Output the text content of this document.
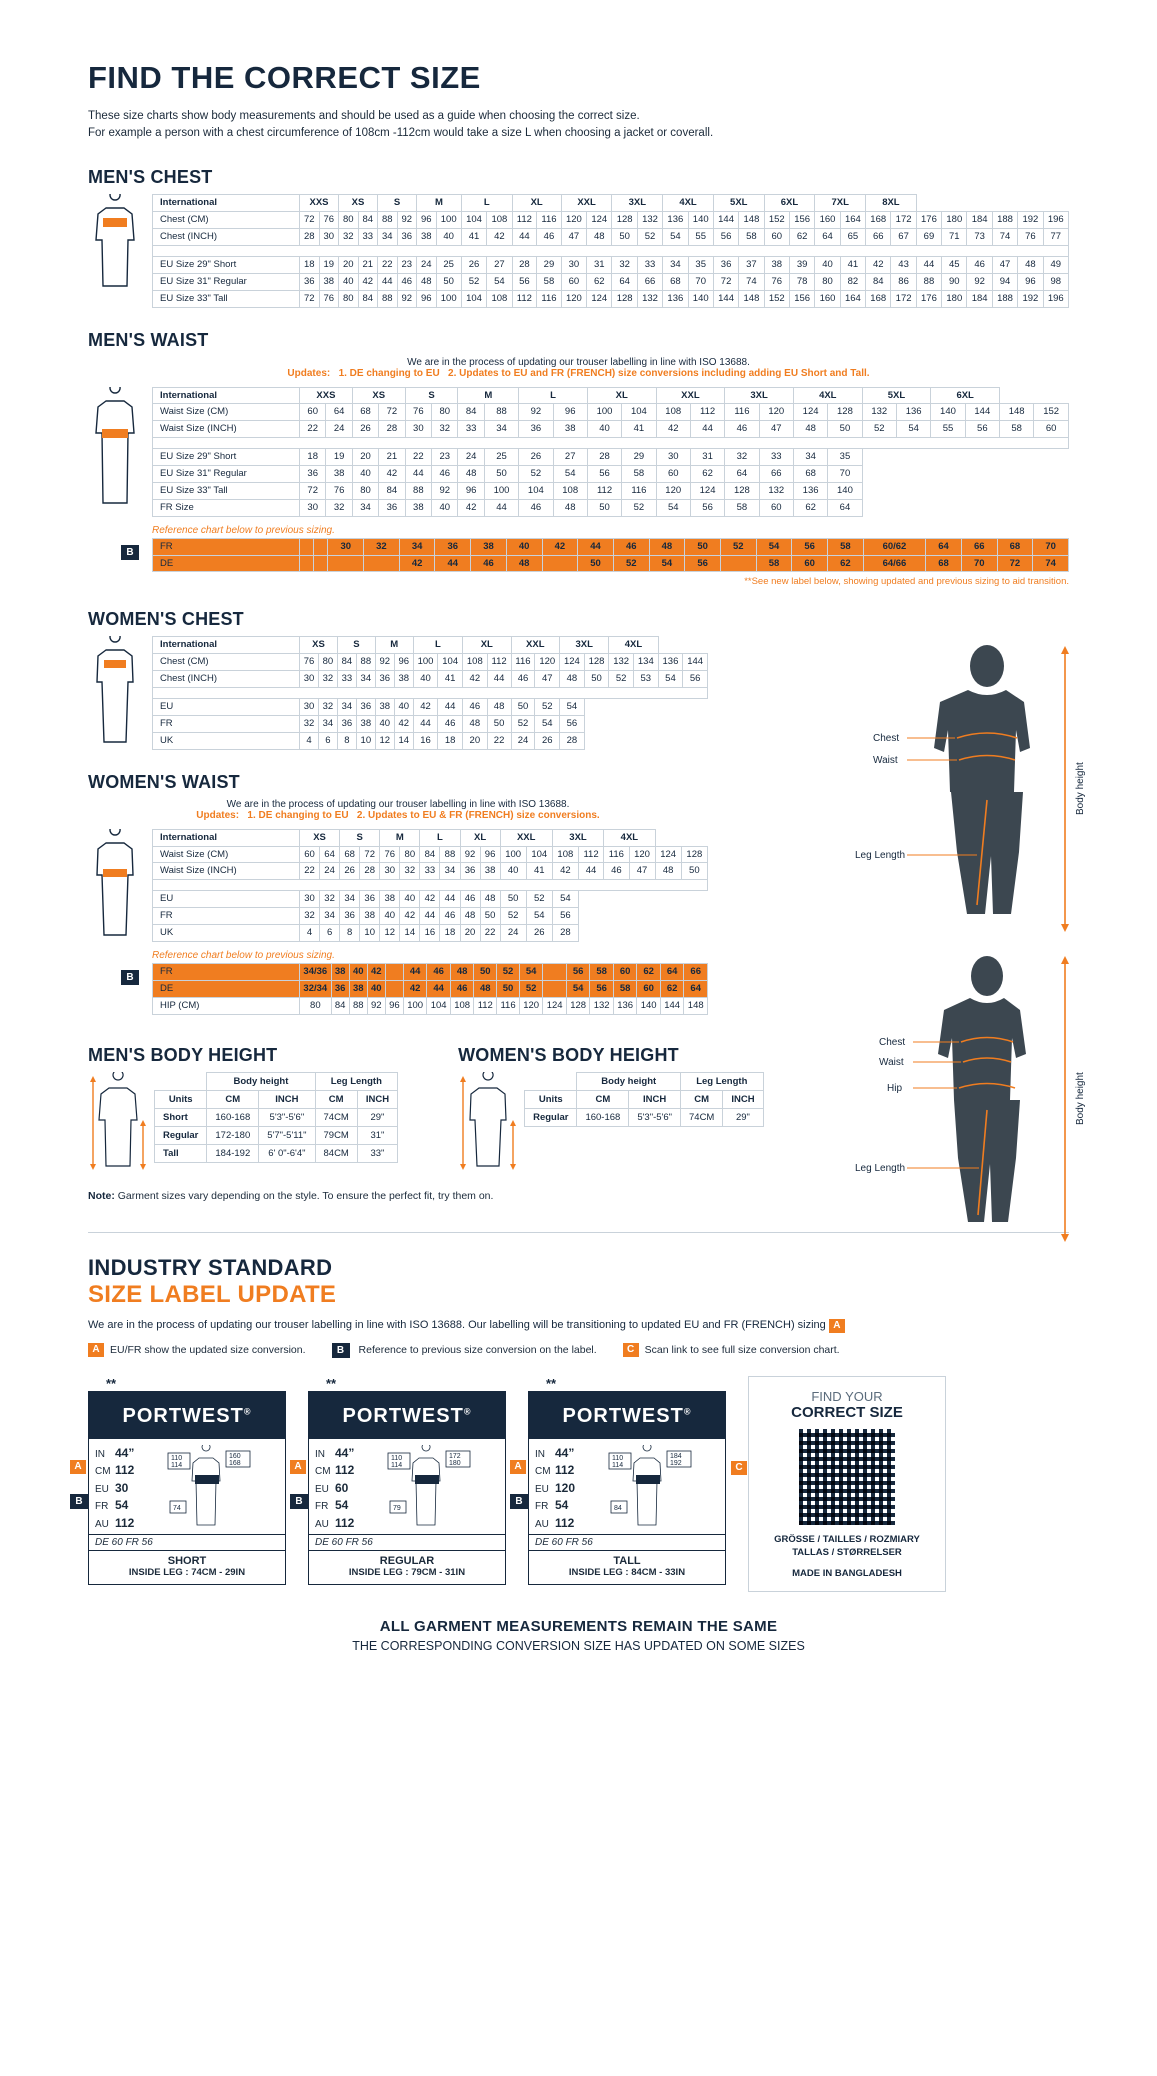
FIND THE CORRECT SIZE
These size charts show body measurements and should be used as a guide when choosing the correct size.
For example a person with a chest circumference of 108cm -112cm would take a size L when choosing a jacket or coverall.
MEN'S CHEST
International	XXS		XS		S		M		L		XL		XXL		3XL		4XL		5XL		6XL		7XL		8XL							
Chest (CM)	72	76	80	84	88	92	96	100	104	108	112	116	120	124	128	132	136	140	144	148	152	156	160	164	168	172	176	180	184	188	192	196
Chest (INCH)	28	30	32	33	34	36	38	40	41	42	44	46	47	48	50	52	54	55	56	58	60	62	64	65	66	67	69	71	73	74	76	77

EU Size 29" Short	18	19	20	21	22	23	24	25	26	27	28	29	30	31	32	33	34	35	36	37	38	39	40	41	42	43	44	45	46	47	48	49
EU Size 31" Regular	36	38	40	42	44	46	48	50	52	54	56	58	60	62	64	66	68	70	72	74	76	78	80	82	84	86	88	90	92	94	96	98
EU Size 33" Tall	72	76	80	84	88	92	96	100	104	108	112	116	120	124	128	132	136	140	144	148	152	156	160	164	168	172	176	180	184	188	192	196
MEN'S WAIST
We are in the process of updating our trouser labelling in line with ISO 13688.
Updates: 1. DE changing to EU 2. Updates to EU and FR (FRENCH) size conversions including adding EU Short and Tall.
International	XXS		XS		S		M		L		XL		XXL		3XL		4XL		5XL		6XL			
Waist Size (CM)	60	64	68	72	76	80	84	88	92	96	100	104	108	112	116	120	124	128	132	136	140	144	148	152
Waist Size (INCH)	22	24	26	28	30	32	33	34	36	38	40	41	42	44	46	47	48	50	52	54	55	56	58	60

EU Size 29" Short	18	19	20	21	22	23	24	25	26	27	28	29	30	31	32	33	34	35						
EU Size 31" Regular	36	38	40	42	44	46	48	50	52	54	56	58	60	62	64	66	68	70						
EU Size 33" Tall	72	76	80	84	88	92	96	100	104	108	112	116	120	124	128	132	136	140						
FR Size	30	32	34	36	38	40	42	44	46	48	50	52	54	56	58	60	62	64						
Reference chart below to previous sizing.
B
FR			30	32	34	36	38	40	42	44	46	48	50	52	54	56	58	60/62	64	66	68	70
DE					42	44	46	48		50	52	54	56		58	60	62	64/66	68	70	72	74
**See new label below, showing updated and previous sizing to aid transition.
WOMEN'S CHEST
International	XS		S		M		L		XL		XXL		3XL		4XL			
Chest (CM)	76	80	84	88	92	96	100	104	108	112	116	120	124	128	132	134	136	144
Chest (INCH)	30	32	33	34	36	38	40	41	42	44	46	47	48	50	52	53	54	56

EU	30	32	34	36	38	40	42	44	46	48	50	52	54					
FR	32	34	36	38	40	42	44	46	48	50	52	54	56					
UK	4	6	8	10	12	14	16	18	20	22	24	26	28					
WOMEN'S WAIST
We are in the process of updating our trouser labelling in line with ISO 13688.
Updates: 1. DE changing to EU 2. Updates to EU & FR (FRENCH) size conversions.
International	XS		S		M		L		XL		XXL		3XL		4XL			
Waist Size (CM)	60	64	68	72	76	80	84	88	92	96	100	104	108	112	116	120	124	128
Waist Size (INCH)	22	24	26	28	30	32	33	34	36	38	40	41	42	44	46	47	48	50

EU	30	32	34	36	38	40	42	44	46	48	50	52	54					
FR	32	34	36	38	40	42	44	46	48	50	52	54	56					
UK	4	6	8	10	12	14	16	18	20	22	24	26	28					
Reference chart below to previous sizing.
B
FR	34/36	38	40	42		44	46	48	50	52	54		56	58	60	62	64	66
DE	32/34	36	38	40		42	44	46	48	50	52		54	56	58	60	62	64
HIP (CM)	80	84	88	92	96	100	104	108	112	116	120	124	128	132	136	140	144	148
MEN'S BODY HEIGHT
	Body height		Leg Length	
Units	CM	INCH	CM	INCH
Short	160-168	5'3"-5'6"	74CM	29"
Regular	172-180	5'7"-5'11"	79CM	31"
Tall	184-192	6' 0"-6'4"	84CM	33"
WOMEN'S BODY HEIGHT
	Body height		Leg Length	
Units	CM	INCH	CM	INCH
Regular	160-168	5'3"-5'6"	74CM	29"
Note: Garment sizes vary depending on the style. To ensure the perfect fit, try them on.
INDUSTRY STANDARD
SIZE LABEL UPDATE
We are in the process of updating our trouser labelling in line with ISO 13688. Our labelling will be transitioning to updated EU and FR (FRENCH) sizing A
A EU/FR show the updated size conversion.	B	Reference to previous size conversion on the label.	C Scan link to see full size conversion chart.
**
A
B
PORTWEST®
IN 44”
CM 112
EU 30
FR 54
AU 112
110
114
160
168
74
DE 60 FR 56
SHORT
INSIDE LEG : 74CM - 29IN
**
A
B
PORTWEST®
IN 44”
CM 112
EU 60
FR 54
AU 112
110
114
172
180
79
DE 60 FR 56
REGULAR
INSIDE LEG : 79CM - 31IN
**
A
B
PORTWEST®
IN 44”
CM 112
EU 120
FR 54
AU 112
110
114
184
192
84
DE 60 FR 56
TALL
INSIDE LEG : 84CM - 33IN
C
FIND YOUR
CORRECT SIZE
GRÖSSE / TAILLES / ROZMIARY TALLAS / STØRRELSER
MADE IN BANGLADESH
ALL GARMENT MEASUREMENTS REMAIN THE SAME
THE CORRESPONDING CONVERSION SIZE HAS UPDATED ON SOME SIZES
Chest
Waist
Leg Length
Body height
Chest
Waist
Hip
Leg Length
Body height
